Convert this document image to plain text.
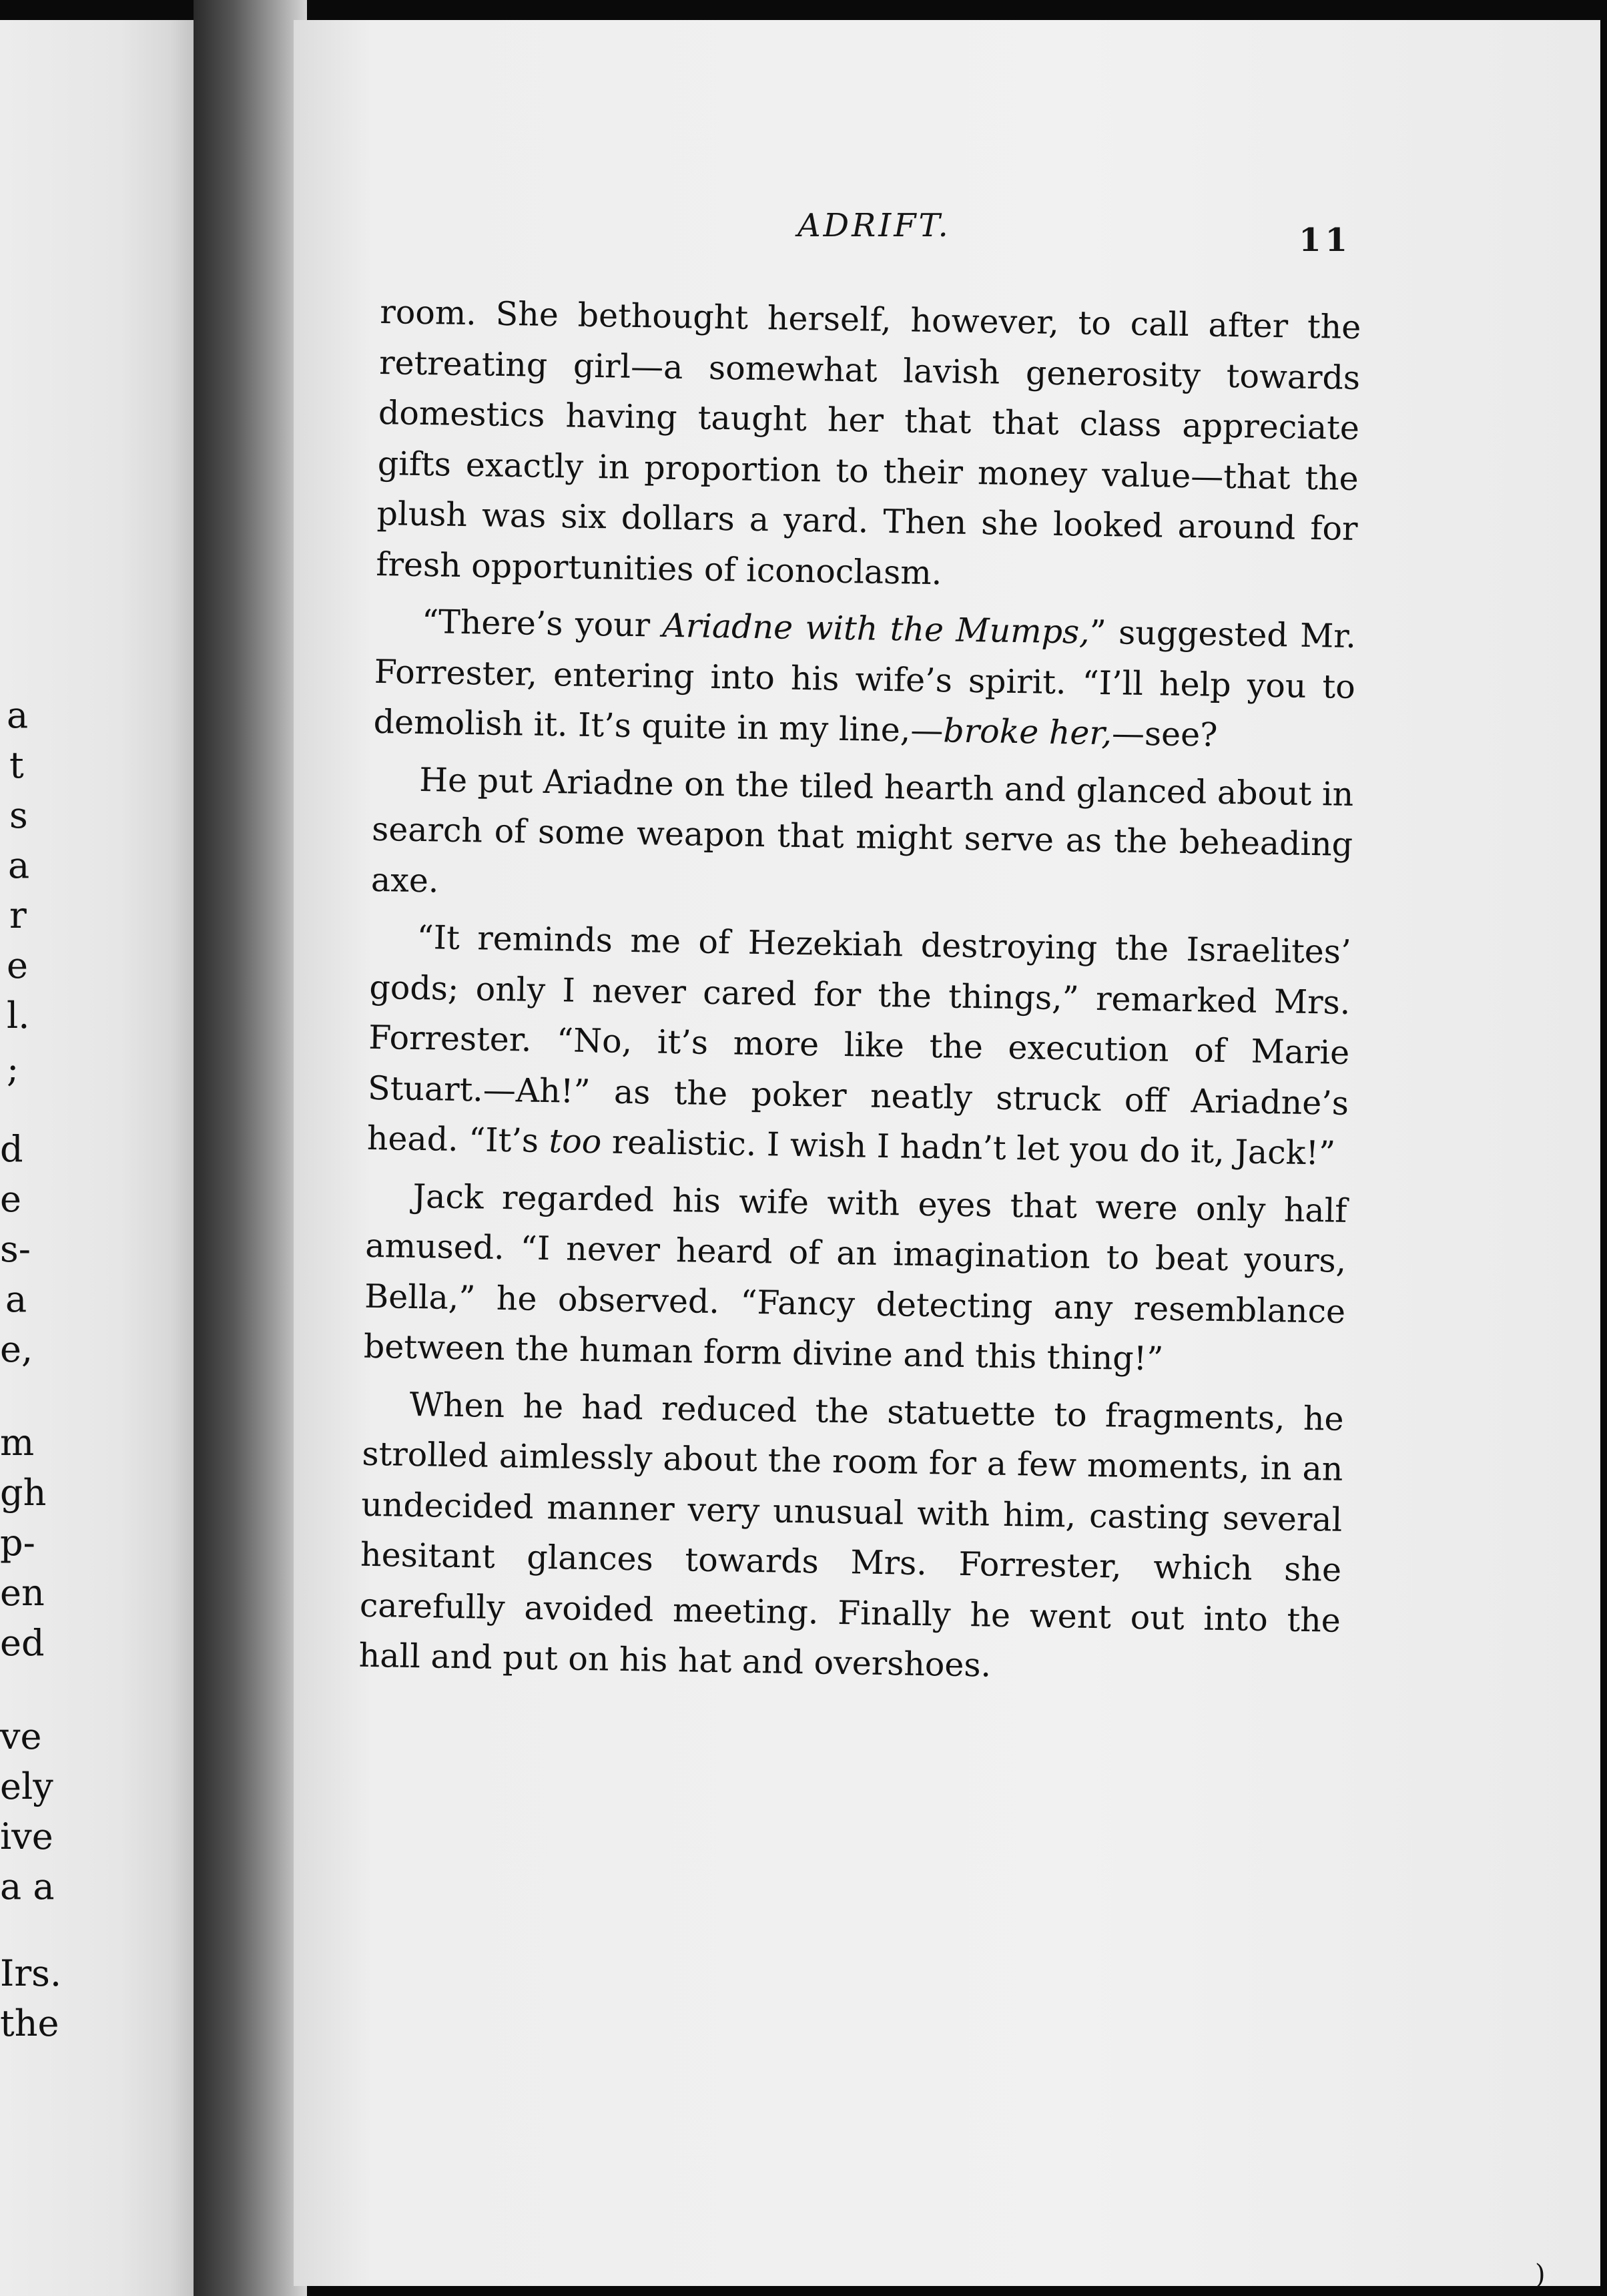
a
t
s
a
r
e
l.
;
d
e
s-
a
e,
m
gh
p-
en
ed
ve
ely
ive
a a
Irs.
the
ADRIFT.	11

room. She bethought herself, however, to call after the retreating girl—a somewhat lavish generosity towards domestics having taught her that that class appreciate gifts exactly in proportion to their money value—that the plush was six dollars a yard. Then she looked around for fresh opportunities of iconoclasm.

“There’s your Ariadne with the Mumps,” suggested Mr. Forrester, entering into his wife’s spirit. “I’ll help you to demolish it. It’s quite in my line,—broke her,—see?

He put Ariadne on the tiled hearth and glanced about in search of some weapon that might serve as the beheading axe.

“It reminds me of Hezekiah destroying the Israelites’ gods; only I never cared for the things,” remarked Mrs. Forrester. “No, it’s more like the execution of Marie Stuart.—Ah!” as the poker neatly struck off Ariadne’s head. “It’s too realistic. I wish I hadn’t let you do it, Jack!”

Jack regarded his wife with eyes that were only half amused. “I never heard of an imagination to beat yours, Bella,” he observed. “Fancy detecting any resemblance between the human form divine and this thing!”

When he had reduced the statuette to fragments, he strolled aimlessly about the room for a few moments, in an undecided manner very unusual with him, casting several hesitant glances towards Mrs. Forrester, which she carefully avoided meeting. Finally he went out into the hall and put on his hat and overshoes.

)
